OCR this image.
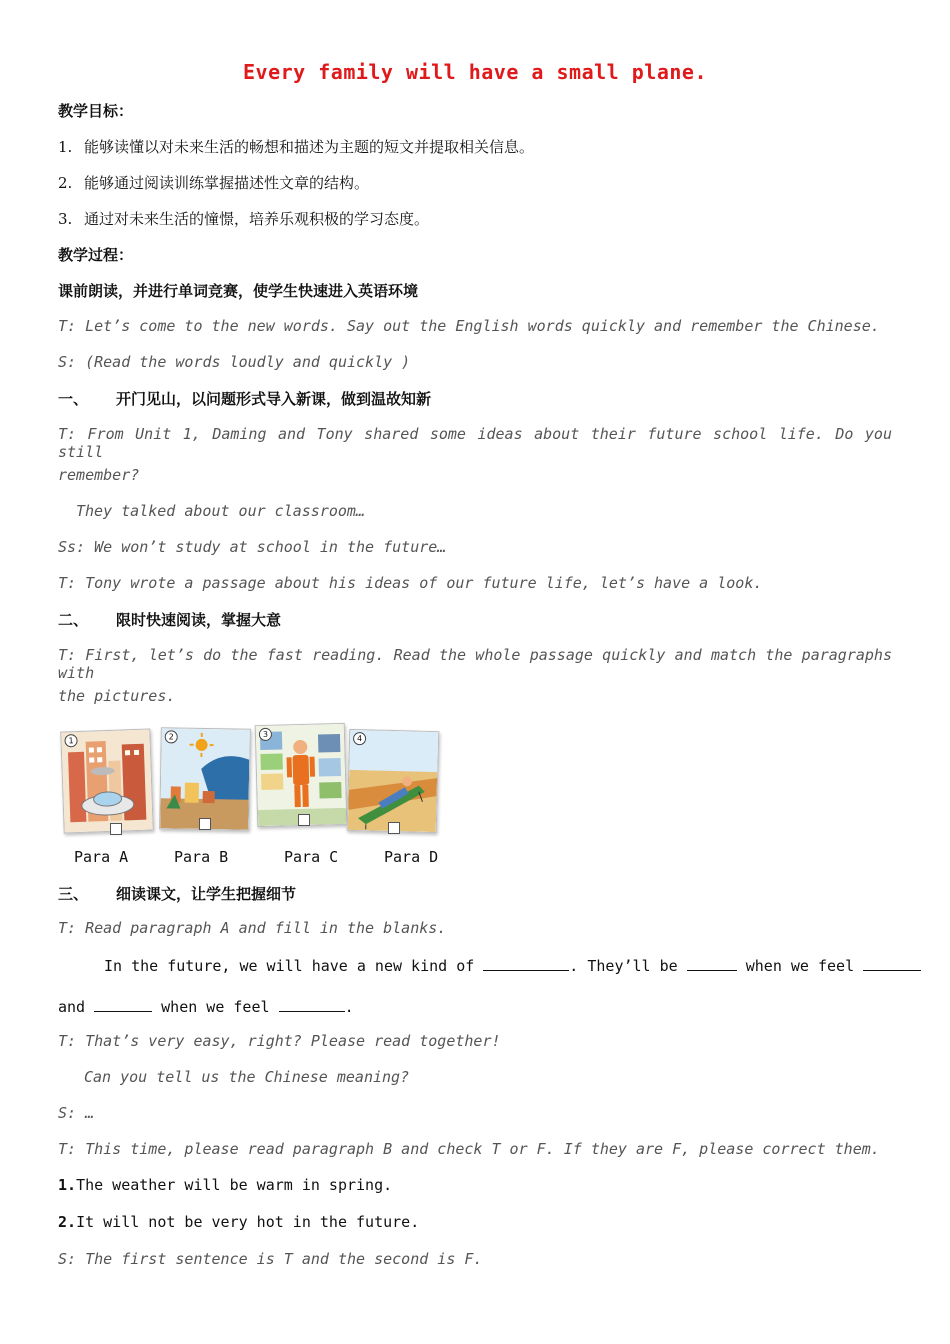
Every family will have a small plane.
教学目标：
1. 能够读懂以对未来生活的畅想和描述为主题的短文并提取相关信息。
2. 能够通过阅读训练掌握描述性文章的结构。
3. 通过对未来生活的憧憬，培养乐观积极的学习态度。
教学过程：
课前朗读，并进行单词竞赛，使学生快速进入英语环境
T: Let’s come to the new words. Say out the English words quickly and remember the Chinese.
S: (Read the words loudly and quickly )
一、 开门见山，以问题形式导入新课，做到温故知新
T: From Unit 1, Daming and Tony shared some ideas about their future school life. Do you still
remember?
They talked about our classroom…
Ss: We won’t study at school in the future…
T: Tony wrote a passage about his ideas of our future life, let’s have a look.
二、 限时快速阅读，掌握大意
T: First, let’s do the fast reading. Read the whole passage quickly and match the paragraphs with
the pictures.
1	2	3	4
Para A	Para B	Para C	Para D
三、 细读课文，让学生把握细节
T: Read paragraph A and fill in the blanks.
In the future, we will have a new kind of	. They’ll be	when we feel
and	when we feel	.
T: That’s very easy, right? Please read together!
Can you tell us the Chinese meaning?
S: …
T: This time, please read paragraph B and check T or F. If they are F, please correct them.
1.The weather will be warm in spring.
2.It will not be very hot in the future.
S: The first sentence is T and the second is F.
